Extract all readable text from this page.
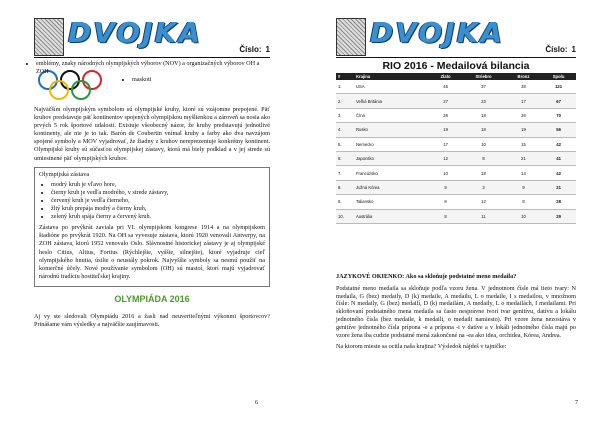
DVOJKA
Číslo: 1
• emblémy, znaky národných olympijských výborov (NOV) a organizačných výborov OH a ZOH
• maskoti

Najväčším olympijským symbolom sú olympijské kruhy, ktoré sú vzájomne prepojené. Päť kruhov predstavuje päť kontinentov spojených olympijskou myšlienkou a zároveň sa nosia ako prvých 5 rok športové udalosti. Existuje všeobecný názor, že kruhy predstavujú jednotlivé kontinenty, ale nie je to tak. Barón de Coubertin vnímal kruhy a farby ako dva navzájom spojené symboly a MOV vyjadrovať, že žiadny z kruhov nereprezentuje konkrétny kontinent. Olympijské kruhy sú súčasťou olympijskej zástavy, ktorá má biely podklad a v jej strede sú umiestnené päť olympijských kruhov.

Olympijská zástava
• modrý kruh je vľavo hore,
• čierny kruh je vedľa modrého, v strede zástavy,
• červený kruh je vedľa čierneho,
• žltý kruh prepája modrý a čierny kruh,
• zelený kruh spája čierny a červený kruh.

Zástava po prvýkrát zaviala pri VI. olympijskom kongrese 1914 a na olympijskom štadióne po prvýkrát 1920. Na OH sa vyvesuje zástava, ktorú 1920 venovali Antverpy, na ZOH zástava, ktorú 1952 venovalo Oslo. Slávnostné historickej zástavy je aj olympijské heslo Citius, Altius, Fortius (Rýchlejšie, vyššie, silnejšie), ktoré vyjadruje cieľ olympijského hnutia, úsilie o neustály pokrok. Najvyššie symboly sa nesmú použiť na komerčné účely. Nové používanie symbolom (OH) sú mastoí, ktorí majú vyjadrovať národnú tradíciu hostiteľskej krajiny.

OLYMPIÁDA 2016

Aj vy ste sledovali Olympiádu 2016 a žasli nad neuveriteľnými výkonmi športovcov? Prinášame vám výsledky a najväčšie zaujímavosti.

6
DVOJKA
Číslo: 1
RIO 2016 - Medailová bilancia
#	Krajina	Zlato	Striebro	Bronz	Spolu
1.	USA	46	37	38	121
2.	Veľká Británia	27	23	17	67
3.	Čína	26	18	26	70
4.	Rusko	19	18	19	56
5.	Nemecko	17	10	15	42
6.	Japonsko	12	8	21	41
7.	Francúzsko	10	18	14	42
8.	Južná Kórea	9	3	9	21
9.	Taliansko	8	12	8	28
10.	Austrália	8	11	10	29

JAZYKOVÉ OKIENKO: Ako sa skloňuje podstatné meno medaila?

Podstatné meno medaila sa skloňuje podľa vzoru žena. V jednotnom čísle má tieto tvary: N medaila, G (bez) medaily, D (k) medaile, A medailu, L o medaile, I s medailou, v množnom čísle: N medaily, G (bez) medailí, D (k) medailám, A medaily, L o medailách, I medailami. Pri skloňovaní podstatného mena medaila sa často nesprávne tvorí tvar genitívu, datívu a lokálu jednotného čísla (bez medaile, k medaili, o medaili namiesto). Pri vzore žena nezostáva v genitíve jednotného čísla prípona -e a prípona -i v datíve a v lokáli jednotného čísla majú po vzore žena iba cudzie podstatné mená zakončené na -ea ako idea, orchidea, Kórea, Andrea.

Na ktorom mieste sa ocitla naša krajina? Výsledok nájdeš v tajničke:

7
